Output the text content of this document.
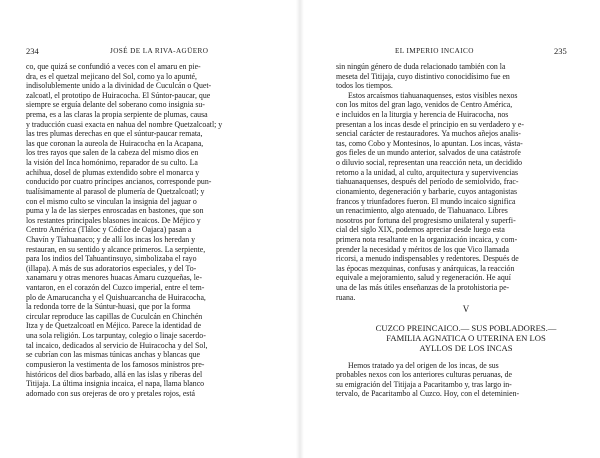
234	JOSÉ DE LA RIVA-AGÜERO
co, que quizá se confundió a veces con el amaru en pie-
dra, es el quetzal mejicano del Sol, como ya lo apunté,
indisolublemente unido a la divinidad de Cuculcán o Quet-
zalcoatl, el prototipo de Huiracocha. El Súntor-paucar, que
siempre se erguía delante del soberano como insignia su-
prema, es a las claras la propia serpiente de plumas, causa
y traducción cuasi exacta en nahua del nombre Quetzalcoatl; y
las tres plumas derechas en que el súntur-paucar remata,
las que coronan la aureola de Huiracocha en la Acapana,
los tres rayos que salen de la cabeza del mismo dios en
la visión del Inca homónimo, reparador de su culto. La
achihua, dosel de plumas extendido sobre el monarca y
conducido por cuatro príncipes ancianos, corresponde pun-
tualísimamente al parasol de plumería de Quetzalcoatl; y
con el mismo culto se vinculan la insignia del jaguar o
puma y la de las sierpes enroscadas en bastones, que son
los restantes principales blasones incaicos. De Méjico y
Centro América (Tláloc y Códice de Oajaca) pasan a
Chavín y Tiahuanaco; y de allí los incas los heredan y
restauran, en su sentido y alcance primeros. La serpiente,
para los indios del Tahuantinsuyo, simbolizaba el rayo
(illapa). A más de sus adoratorios especiales, y del To-
xanamaru y otras menores huacas Amaru cuzqueñas, le-
vantaron, en el corazón del Cuzco imperial, entre el tem-
plo de Amarucancha y el Quishuarcancha de Huiracocha,
la redonda torre de la Súntur-huasi, que por la forma
circular reproduce las capillas de Cuculcán en Chinchén
Itza y de Quetzalcoatl en Méjico. Parece la identidad de
una sola religión. Los tarpuntay, colegio o linaje sacerdo-
tal incaico, dedicados al servicio de Huiracocha y del Sol,
se cubrían con las mismas túnicas anchas y blancas que
compusieron la vestimenta de los famosos ministros pre-
históricos del dios barbado, allá en las islas y riberas del
Titijaja. La última insignia incaica, el napa, llama blanco
adornado con sus orejeras de oro y pretales rojos, está
EL IMPERIO INCAICO	235
sin ningún género de duda relacionado también con la
meseta del Titijaja, cuyo distintivo conocidísimo fue en
todos los tiempos.
Estos arcaísmos tiahuanaquenses, estos visibles nexos
con los mitos del gran lago, venidos de Centro América,
e incluidos en la liturgia y herencia de Huiracocha, nos
presentan a los incas desde el principio en su verdadero y e-
sencial carácter de restauradores. Ya muchos añejos analis-
tas, como Cobo y Montesinos, lo apuntan. Los incas, vásta-
gos fieles de un mundo anterior, salvados de una catástrofe
o diluvio social, representan una reacción neta, un decidido
retorno a la unidad, al culto, arquitectura y supervivencias
tiahuanaquenses, después del período de semiolvido, frac-
cionamiento, degeneración y barbarie, cuyos antagonistas
francos y triunfadores fueron. El mundo incaico significa
un renacimiento, algo atenuado, de Tiahuanaco. Libres
nosotros por fortuna del progresismo unilateral y superfi-
cial del siglo XIX, podemos apreciar desde luego esta
primera nota resaltante en la organización incaica, y com-
prender la necesidad y méritos de los que Vico llamada
ricorsi, a menudo indispensables y redentores. Después de
las épocas mezquinas, confusas y anárquicas, la reacción
equivale a mejoramiento, salud y regeneración. He aquí
una de las más útiles enseñanzas de la protohistoria pe-
ruana.
V
CUZCO PREINCAICO.— SUS POBLADORES.—
FAMILIA AGNATICA O UTERINA EN LOS
AYLLOS DE LOS INCAS
Hemos tratado ya del origen de los incas, de sus
probables nexos con los anteriores culturas peruanas, de
su emigración del Titijaja a Pacaritambo y, tras largo in-
tervalo, de Pacaritambo al Cuzco. Hoy, con el deteminien-
